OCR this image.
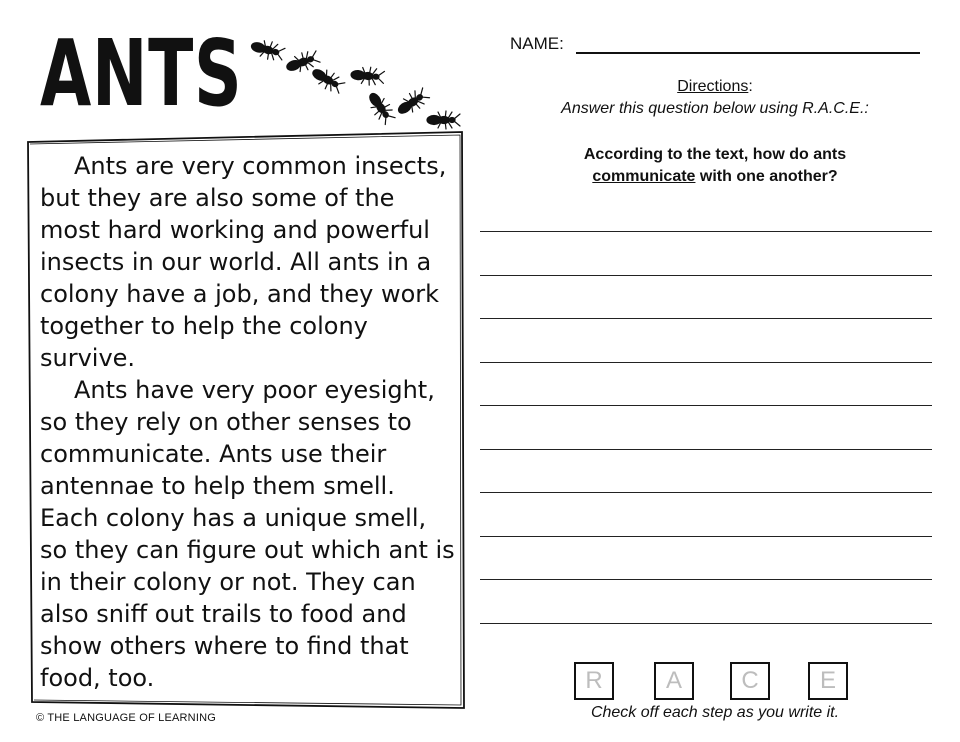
ANTS

Ants are very common insects, but they are also some of the most hard working and powerful insects in our world. All ants in a colony have a job, and they work together to help the colony survive.

Ants have very poor eyesight, so they rely on other senses to communicate. Ants use their antennae to help them smell. Each colony has a unique smell, so they can figure out which ant is in their colony or not. They can also sniff out trails to food and show others where to find that food, too.

© THE LANGUAGE OF LEARNING
NAME:
Directions:
Answer this question below using R.A.C.E.:
According to the text, how do ants
communicate with one another?
R	A	C	E
Check off each step as you write it.
